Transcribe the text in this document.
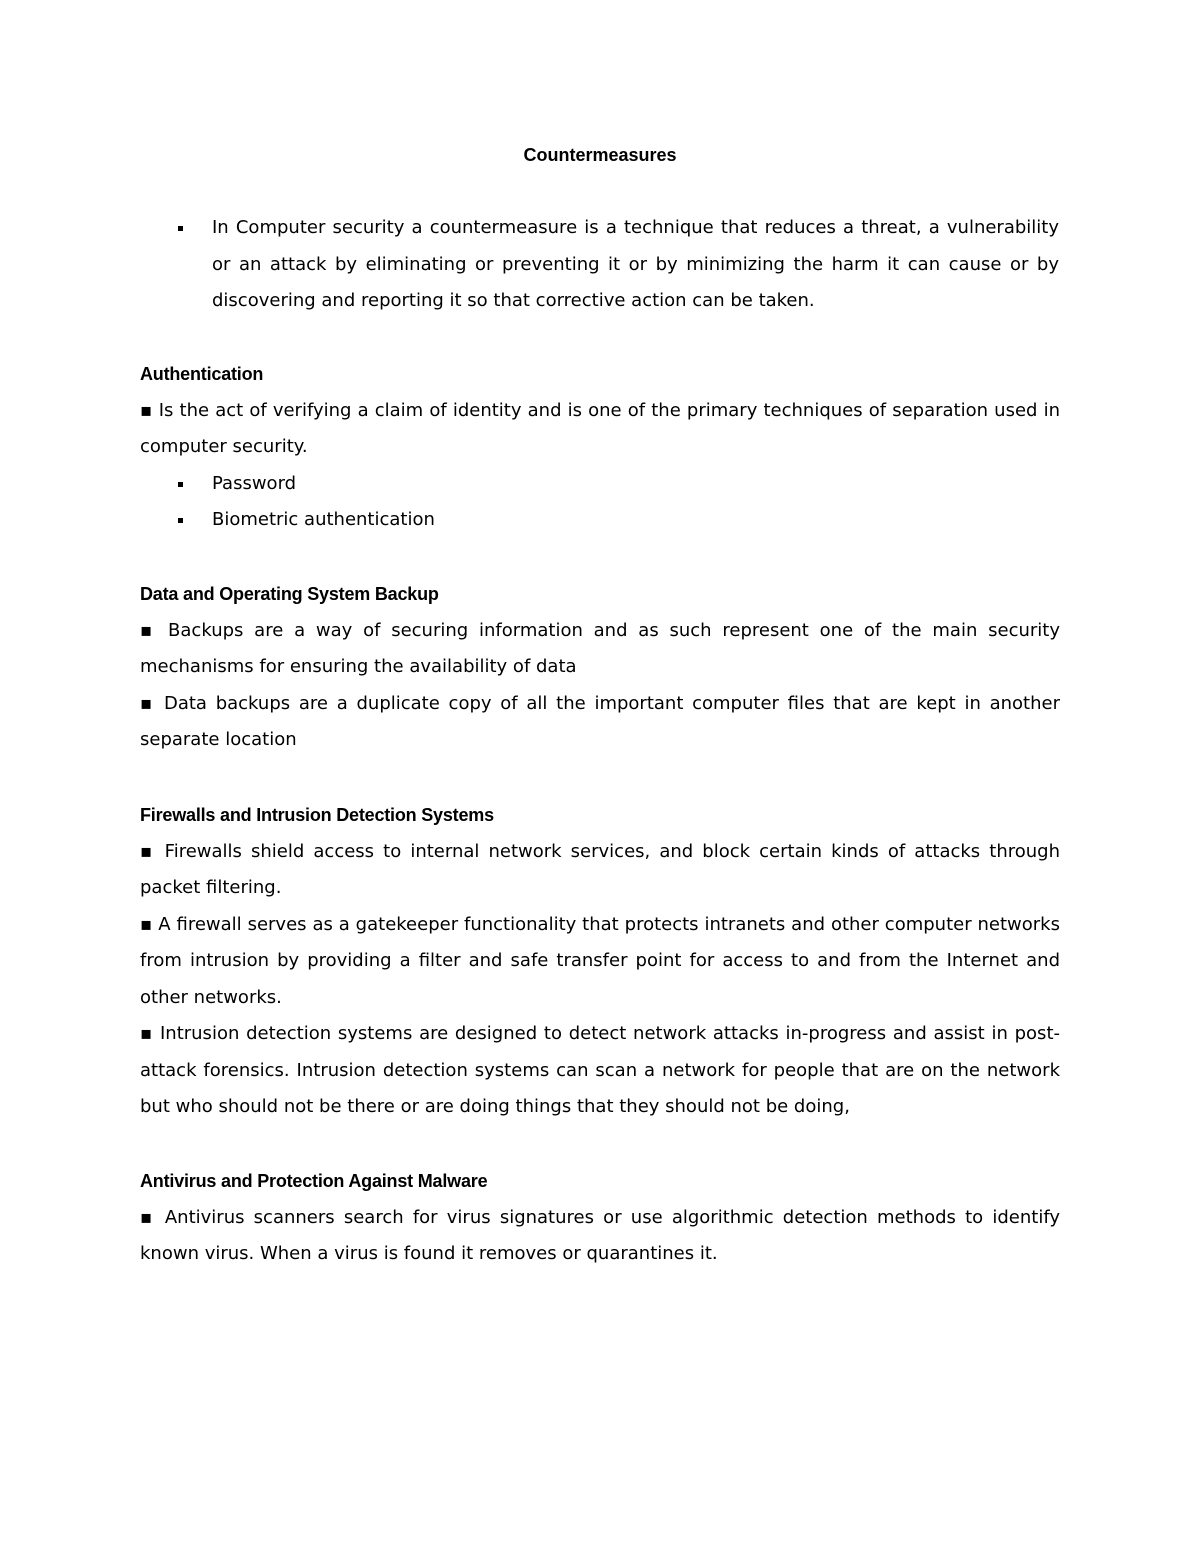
Countermeasures
In Computer security a countermeasure is a technique that reduces a threat, a vulnerability or an attack by eliminating or preventing it or by minimizing the harm it can cause or by discovering and reporting it so that corrective action can be taken.
Authentication

▪ Is the act of verifying a claim of identity and is one of the primary techniques of separation used in computer security.

Password
Biometric authentication
Data and Operating System Backup

▪ Backups are a way of securing information and as such represent one of the main security mechanisms for ensuring the availability of data

▪ Data backups are a duplicate copy of all the important computer files that are kept in another separate location

Firewalls and Intrusion Detection Systems

▪ Firewalls shield access to internal network services, and block certain kinds of attacks through packet filtering.

▪ A firewall serves as a gatekeeper functionality that protects intranets and other computer networks from intrusion by providing a filter and safe transfer point for access to and from the Internet and other networks.

▪ Intrusion detection systems are designed to detect network attacks in-progress and assist in post-attack forensics. Intrusion detection systems can scan a network for people that are on the network but who should not be there or are doing things that they should not be doing,

Antivirus and Protection Against Malware

▪ Antivirus scanners search for virus signatures or use algorithmic detection methods to identify known virus. When a virus is found it removes or quarantines it.
